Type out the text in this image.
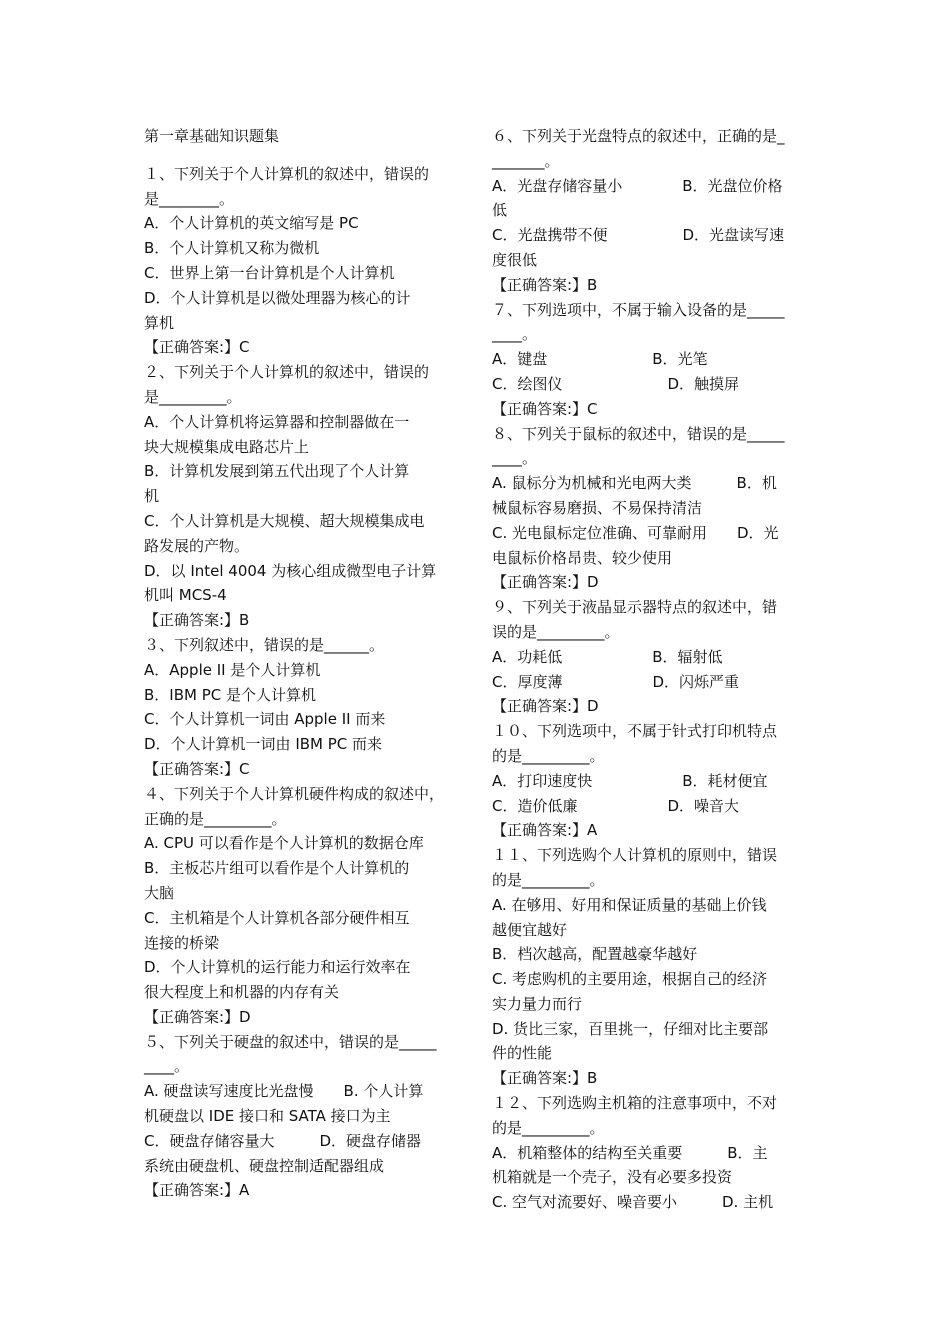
第一章基础知识题集
１、下列关于个人计算机的叙述中，错误的
是________。
A．个人计算机的英文缩写是 PC
B．个人计算机又称为微机
C．世界上第一台计算机是个人计算机
D．个人计算机是以微处理器为核心的计
算机
【正确答案:】C
２、下列关于个人计算机的叙述中，错误的
是_________。
A．个人计算机将运算器和控制器做在一
块大规模集成电路芯片上
B．计算机发展到第五代出现了个人计算
机
C．个人计算机是大规模、超大规模集成电
路发展的产物。
D．以 Intel 4004 为核心组成微型电子计算
机叫 MCS-4
【正确答案:】B
３、下列叙述中，错误的是______。
A．Apple II 是个人计算机
B．IBM PC 是个人计算机
C．个人计算机一词由 Apple II 而来
D．个人计算机一词由 IBM PC 而来
【正确答案:】C
４、下列关于个人计算机硬件构成的叙述中，
正确的是_________。
A. CPU 可以看作是个人计算机的数据仓库
B．主板芯片组可以看作是个人计算机的
大脑
C．主机箱是个人计算机各部分硬件相互
连接的桥梁
D．个人计算机的运行能力和运行效率在
很大程度上和机器的内存有关
【正确答案:】D
５、下列关于硬盘的叙述中，错误的是_____
____。
A. 硬盘读写速度比光盘慢　　B. 个人计算
机硬盘以 IDE 接口和 SATA 接口为主
C．硬盘存储容量大　　　D．硬盘存储器
系统由硬盘机、硬盘控制适配器组成
【正确答案:】A
６、下列关于光盘特点的叙述中，正确的是_
_______。
A．光盘存储容量小　　　　B．光盘位价格
低
C．光盘携带不便　　　　　D．光盘读写速
度很低
【正确答案:】B
７、下列选项中，不属于输入设备的是_____
____。
A．键盘　　　　　　　B．光笔
C．绘图仪　　　　　　　D．触摸屏
【正确答案:】C
８、下列关于鼠标的叙述中，错误的是_____
____。
A. 鼠标分为机械和光电两大类　　　B．机
械鼠标容易磨损、不易保持清洁
C. 光电鼠标定位准确、可靠耐用　　D．光
电鼠标价格昂贵、较少使用
【正确答案:】D
９、下列关于液晶显示器特点的叙述中，错
误的是_________。
A．功耗低　　　　　　B．辐射低
C．厚度薄　　　　　　D．闪烁严重
【正确答案:】D
１０、下列选项中，不属于针式打印机特点
的是_________。
A．打印速度快　　　　　　B．耗材便宜
C．造价低廉　　　　　　D．噪音大
【正确答案:】A
１１、下列选购个人计算机的原则中，错误
的是_________。
A. 在够用、好用和保证质量的基础上价钱
越便宜越好
B．档次越高，配置越豪华越好
C. 考虑购机的主要用途，根据自己的经济
实力量力而行
D. 货比三家，百里挑一，仔细对比主要部
件的性能
【正确答案:】B
１２、下列选购主机箱的注意事项中，不对
的是_________。
A．机箱整体的结构至关重要　　　B．主
机箱就是一个壳子，没有必要多投资
C. 空气对流要好、噪音要小　　　D. 主机
